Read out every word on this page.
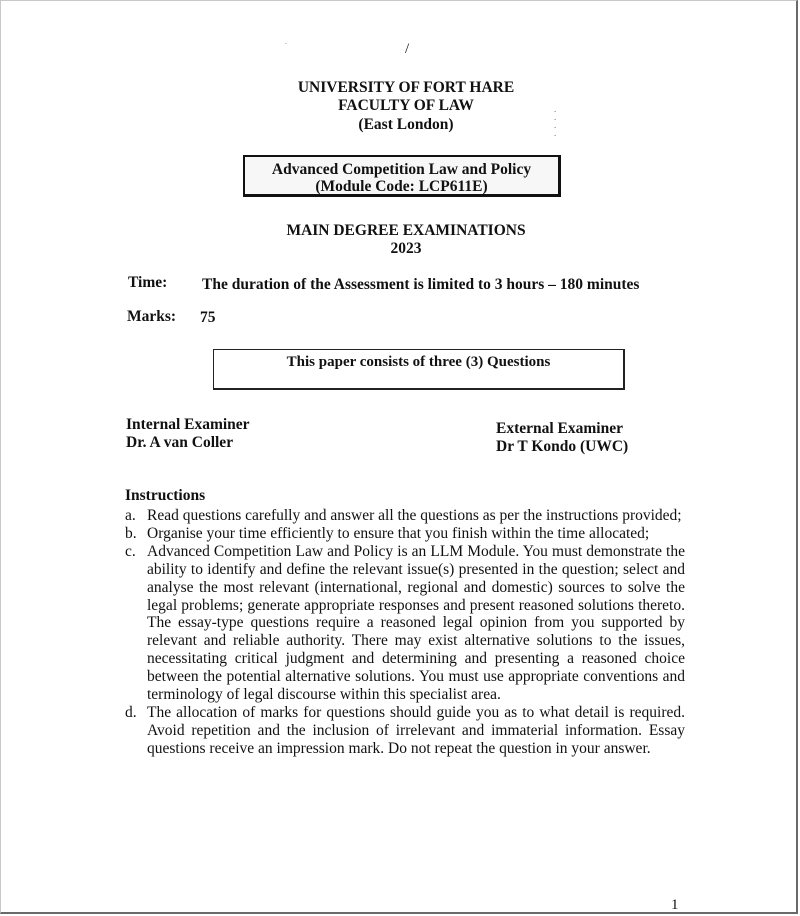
.	/
UNIVERSITY OF FORT HARE
FACULTY OF LAW
(East London)
.
.
.
.
Advanced Competition Law and Policy
(Module Code: LCP611E)
MAIN DEGREE EXAMINATIONS
2023
Time: The duration of the Assessment is limited to 3 hours – 180 minutes
Marks: 75
This paper consists of three (3) Questions
Internal Examiner
Dr. A van Coller
External Examiner
Dr T Kondo (UWC)
Instructions
a. Read questions carefully and answer all the questions as per the instructions provided;
b. Organise your time efficiently to ensure that you finish within the time allocated;
c. Advanced Competition Law and Policy is an LLM Module. You must demonstrate the ability to identify and define the relevant issue(s) presented in the question; select and analyse the most relevant (international, regional and domestic) sources to solve the legal problems; generate appropriate responses and present reasoned solutions thereto. The essay-type questions require a reasoned legal opinion from you supported by relevant and reliable authority. There may exist alternative solutions to the issues, necessitating critical judgment and determining and presenting a reasoned choice between the potential alternative solutions. You must use appropriate conventions and terminology of legal discourse within this specialist area.
d. The allocation of marks for questions should guide you as to what detail is required. Avoid repetition and the inclusion of irrelevant and immaterial information. Essay questions receive an impression mark. Do not repeat the question in your answer.
1
